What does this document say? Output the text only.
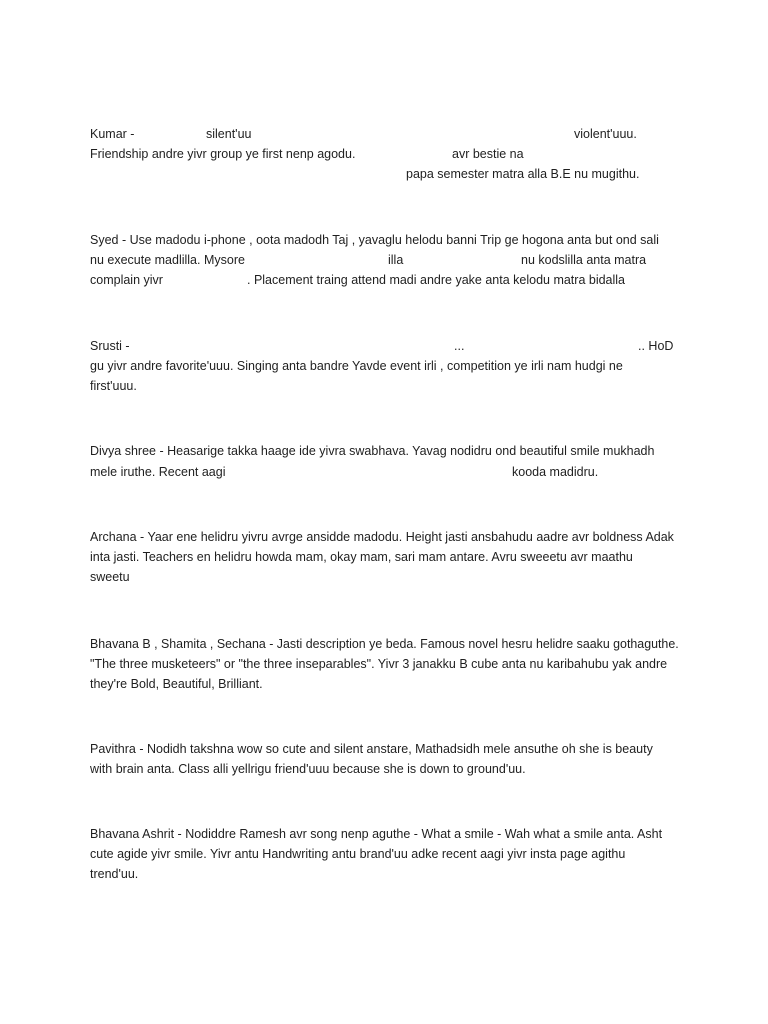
Kumar -	silent'uu	violent'uuu.
Friendship andre yivr group ye first nenp agodu.	avr bestie na
papa semester matra alla B.E nu mugithu.
Syed - Use madodu i-phone , oota madodh Taj , yavaglu helodu banni Trip ge hogona anta but ond sali
nu execute madlilla. Mysore	illa	nu kodslilla anta matra
complain yivr	. Placement traing attend madi andre yake anta kelodu matra bidalla
Srusti -	...	.. HoD
gu yivr andre favorite'uuu. Singing anta bandre Yavde event irli , competition ye irli nam hudgi ne
first'uuu.
Divya shree - Heasarige takka haage ide yivra swabhava. Yavag nodidru ond beautiful smile mukhadh
mele iruthe. Recent aagi	kooda madidru.
Archana - Yaar ene helidru yivru avrge ansidde madodu. Height jasti ansbahudu aadre avr boldness Adak
inta jasti. Teachers en helidru howda mam, okay mam, sari mam antare. Avru sweeetu avr maathu
sweetu
Bhavana B , Shamita , Sechana - Jasti description ye beda. Famous novel hesru helidre saaku gothaguthe.
"The three musketeers" or "the three inseparables". Yivr 3 janakku B cube anta nu karibahubu yak andre
they're Bold, Beautiful, Brilliant.
Pavithra - Nodidh takshna wow so cute and silent anstare, Mathadsidh mele ansuthe oh she is beauty
with brain anta. Class alli yellrigu friend'uuu because she is down to ground'uu.
Bhavana Ashrit - Nodiddre Ramesh avr song nenp aguthe - What a smile - Wah what a smile anta. Asht
cute agide yivr smile. Yivr antu Handwriting antu brand'uu adke recent aagi yivr insta page agithu
trend'uu.
